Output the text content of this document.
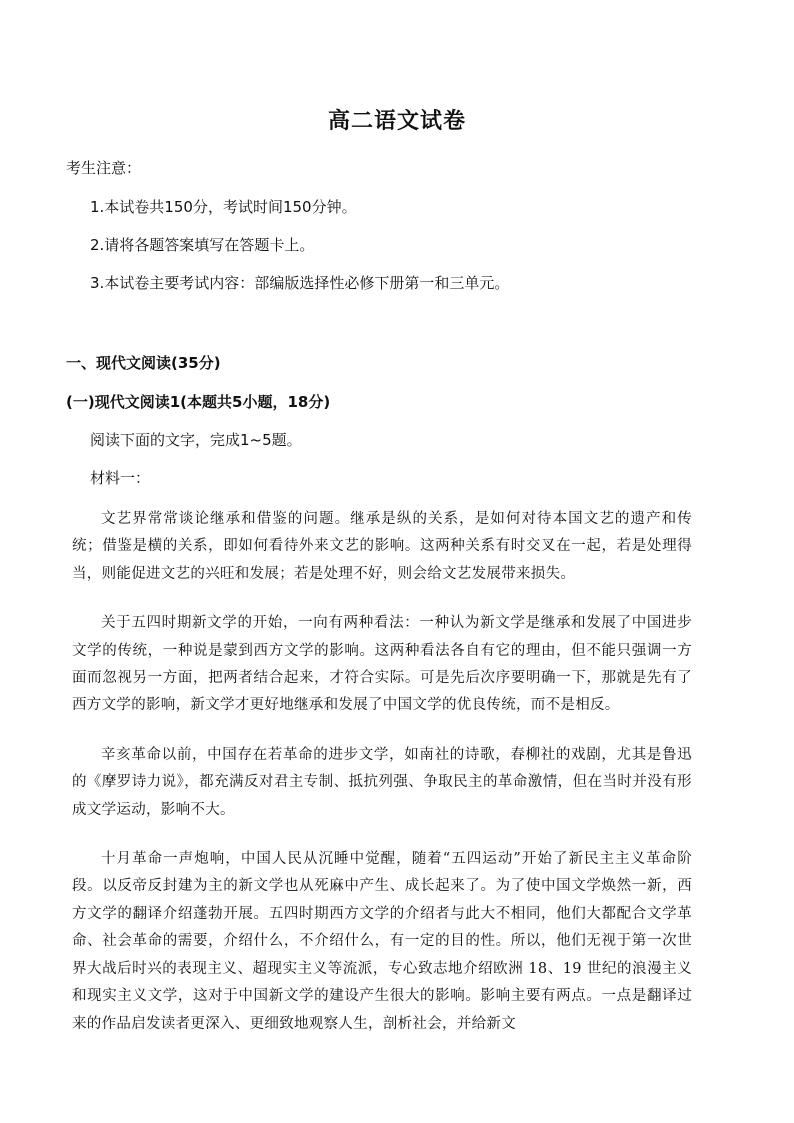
高二语文试卷
考生注意：
1.本试卷共150分，考试时间150分钟。
2.请将各题答案填写在答题卡上。
3.本试卷主要考试内容：部编版选择性必修下册第一和三单元。
一、现代文阅读(35分)
(一)现代文阅读1(本题共5小题，18分)
阅读下面的文字，完成1~5题。
材料一：

文艺界常常谈论继承和借鉴的问题。继承是纵的关系，是如何对待本国文艺的遗产和传统；借鉴是横的关系，即如何看待外来文艺的影响。这两种关系有时交叉在一起，若是处理得当，则能促进文艺的兴旺和发展；若是处理不好，则会给文艺发展带来损失。

关于五四时期新文学的开始，一向有两种看法：一种认为新文学是继承和发展了中国进步文学的传统，一种说是蒙到西方文学的影响。这两种看法各自有它的理由，但不能只强调一方面而忽视另一方面，把两者结合起来，才符合实际。可是先后次序要明确一下，那就是先有了西方文学的影响，新文学才更好地继承和发展了中国文学的优良传统，而不是相反。

辛亥革命以前，中国存在若革命的进步文学，如南社的诗歌，春柳社的戏剧，尤其是鲁迅的《摩罗诗力说》，都充满反对君主专制、抵抗列强、争取民主的革命激情，但在当时并没有形成文学运动，影响不大。

十月革命一声炮响，中国人民从沉睡中觉醒，随着“五四运动”开始了新民主主义革命阶段。以反帝反封建为主的新文学也从死麻中产生、成长起来了。为了使中国文学焕然一新，西方文学的翻译介绍蓬勃开展。五四时期西方文学的介绍者与此大不相同，他们大都配合文学革命、社会革命的需要，介绍什么，不介绍什么，有一定的目的性。所以，他们无视于第一次世界大战后时兴的表现主义、超现实主义等流派，专心致志地介绍欧洲 18、19 世纪的浪漫主义和现实主义文学，这对于中国新文学的建设产生很大的影响。影响主要有两点。一点是翻译过来的作品启发读者更深入、更细致地观察人生，剖析社会，并给新文
